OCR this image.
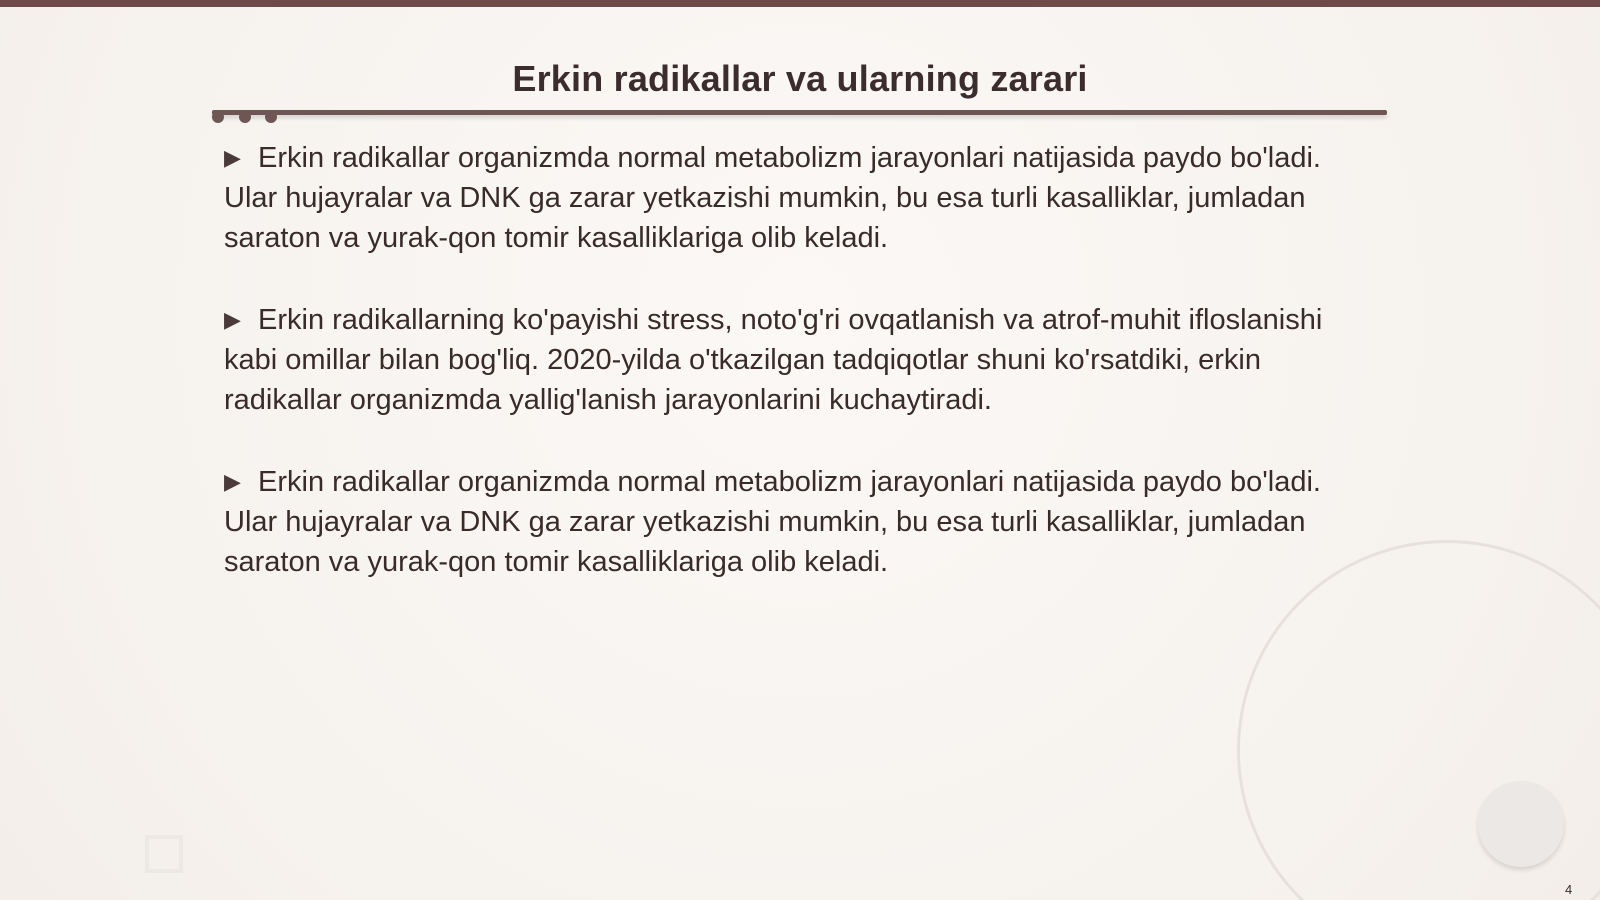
Erkin radikallar va ularning zarari

▶ Erkin radikallar organizmda normal metabolizm jarayonlari natijasida paydo bo'ladi. Ular hujayralar va DNK ga zarar yetkazishi mumkin, bu esa turli kasalliklar, jumladan saraton va yurak-qon tomir kasalliklariga olib keladi.

▶ Erkin radikallarning ko'payishi stress, noto'g'ri ovqatlanish va atrof-muhit ifloslanishi kabi omillar bilan bog'liq. 2020-yilda o'tkazilgan tadqiqotlar shuni ko'rsatdiki, erkin radikallar organizmda yallig'lanish jarayonlarini kuchaytiradi.

▶ Erkin radikallar organizmda normal metabolizm jarayonlari natijasida paydo bo'ladi. Ular hujayralar va DNK ga zarar yetkazishi mumkin, bu esa turli kasalliklar, jumladan saraton va yurak-qon tomir kasalliklariga olib keladi.

4
